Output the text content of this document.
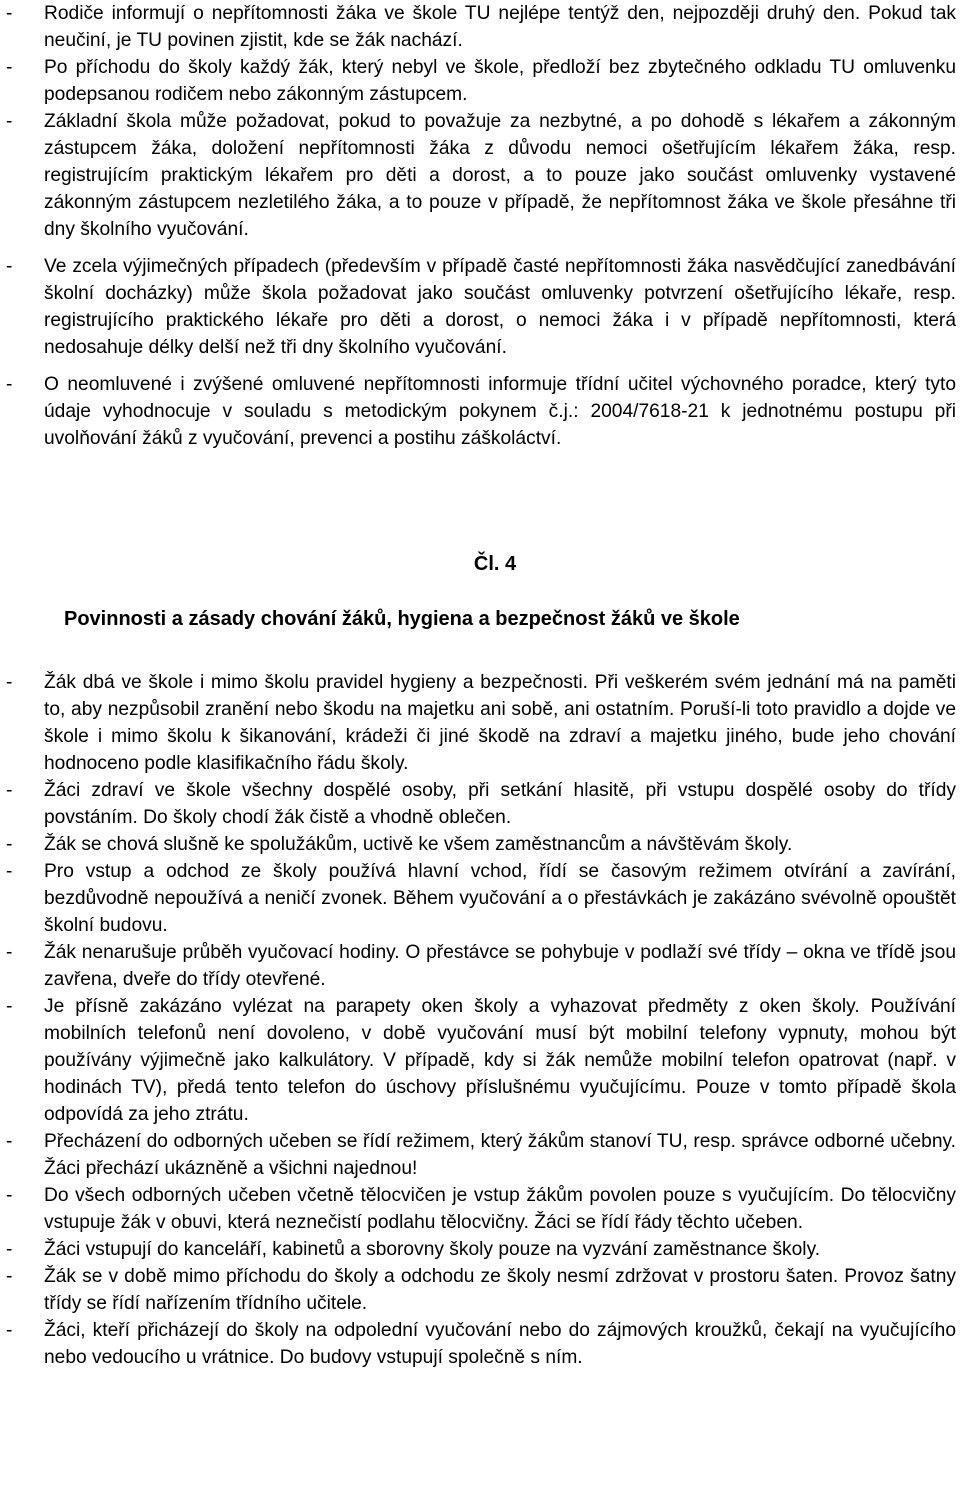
- Rodiče informují o nepřítomnosti žáka ve škole TU nejlépe tentýž den, nejpozději druhý den. Pokud tak neučiní, je TU povinen zjistit, kde se žák nachází.

- Po příchodu do školy každý žák, který nebyl ve škole, předloží bez zbytečného odkladu TU omluvenku podepsanou rodičem nebo zákonným zástupcem.

- Základní škola může požadovat, pokud to považuje za nezbytné, a po dohodě s lékařem a zákonným zástupcem žáka, doložení nepřítomnosti žáka z důvodu nemoci ošetřujícím lékařem žáka, resp. registrujícím praktickým lékařem pro děti a dorost, a to pouze jako součást omluvenky vystavené zákonným zástupcem nezletilého žáka, a to pouze v případě, že nepřítomnost žáka ve škole přesáhne tři dny školního vyučování.

- Ve zcela výjimečných případech (především v případě časté nepřítomnosti žáka nasvědčující zanedbávání školní docházky) může škola požadovat jako součást omluvenky potvrzení ošetřujícího lékaře, resp. registrujícího praktického lékaře pro děti a dorost, o nemoci žáka i v případě nepřítomnosti, která nedosahuje délky delší než tři dny školního vyučování.

- O neomluvené i zvýšené omluvené nepřítomnosti informuje třídní učitel výchovného poradce, který tyto údaje vyhodnocuje v souladu s metodickým pokynem č.j.: 2004/7618-21 k jednotnému postupu při uvolňování žáků z vyučování, prevenci a postihu záškoláctví.

Čl. 4
Povinnosti a zásady chování žáků, hygiena a bezpečnost žáků ve škole
- Žák dbá ve škole i mimo školu pravidel hygieny a bezpečnosti. Při veškerém svém jednání má na paměti to, aby nezpůsobil zranění nebo škodu na majetku ani sobě, ani ostatním. Poruší-li toto pravidlo a dojde ve škole i mimo školu k šikanování, krádeži či jiné škodě na zdraví a majetku jiného, bude jeho chování hodnoceno podle klasifikačního řádu školy.

- Žáci zdraví ve škole všechny dospělé osoby, při setkání hlasitě, při vstupu dospělé osoby do třídy povstáním. Do školy chodí žák čistě a vhodně oblečen.

- Žák se chová slušně ke spolužákům, uctivě ke všem zaměstnancům a návštěvám školy.

- Pro vstup a odchod ze školy používá hlavní vchod, řídí se časovým režimem otvírání a zavírání, bezdůvodně nepoužívá a neničí zvonek. Během vyučování a o přestávkách je zakázáno svévolně opouštět školní budovu.

- Žák nenarušuje průběh vyučovací hodiny. O přestávce se pohybuje v podlaží své třídy – okna ve třídě jsou zavřena, dveře do třídy otevřené.

- Je přísně zakázáno vylézat na parapety oken školy a vyhazovat předměty z oken školy. Používání mobilních telefonů není dovoleno, v době vyučování musí být mobilní telefony vypnuty, mohou být používány výjimečně jako kalkulátory. V případě, kdy si žák nemůže mobilní telefon opatrovat (např. v hodinách TV), předá tento telefon do úschovy příslušnému vyučujícímu. Pouze v tomto případě škola odpovídá za jeho ztrátu.

- Přecházení do odborných učeben se řídí režimem, který žákům stanoví TU, resp. správce odborné učebny. Žáci přechází ukázněně a všichni najednou!

- Do všech odborných učeben včetně tělocvičen je vstup žákům povolen pouze s vyučujícím. Do tělocvičny vstupuje žák v obuvi, která neznečistí podlahu tělocvičny. Žáci se řídí řády těchto učeben.

- Žáci vstupují do kanceláří, kabinetů a sborovny školy pouze na vyzvání zaměstnance školy.

- Žák se v době mimo příchodu do školy a odchodu ze školy nesmí zdržovat v prostoru šaten. Provoz šatny třídy se řídí nařízením třídního učitele.

- Žáci, kteří přicházejí do školy na odpolední vyučování nebo do zájmových kroužků, čekají na vyučujícího nebo vedoucího u vrátnice. Do budovy vstupují společně s ním.
